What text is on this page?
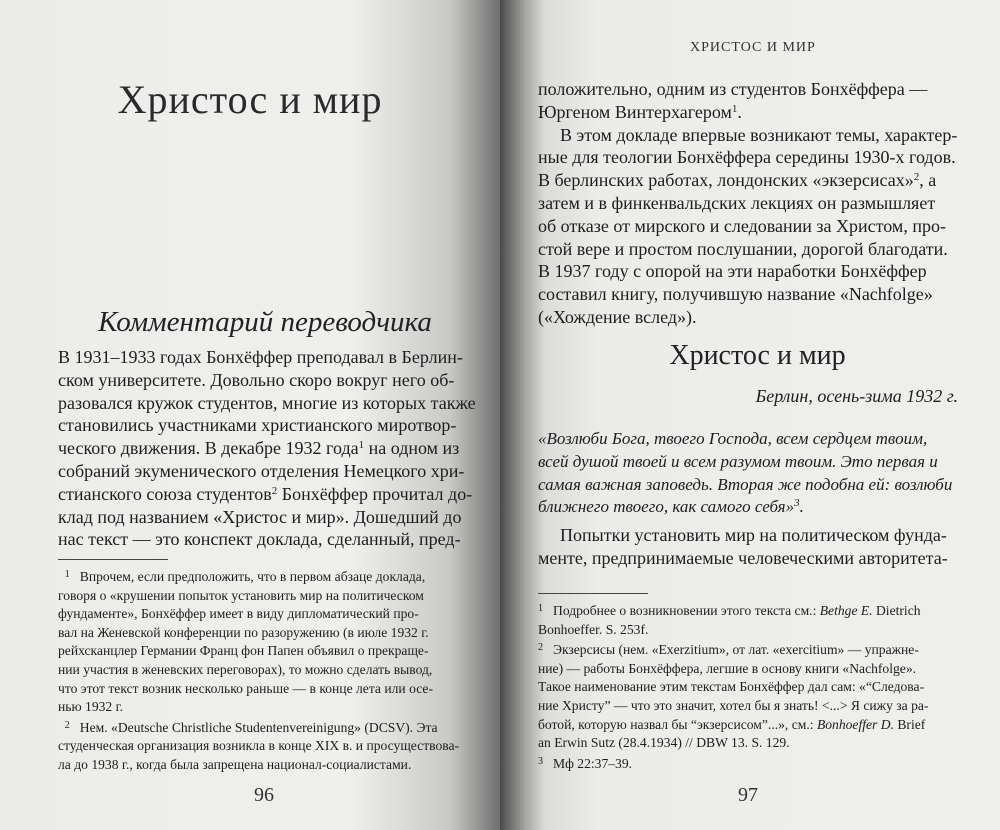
Христос и мир
Комментарий переводчика
В 1931–1933 годах Бонхёффер преподавал в Берлин-
ском университете. Довольно скоро вокруг него об-
разовался кружок студентов, многие из которых также
становились участниками христианского миротвор-
ческого движения. В декабре 1932 года$^1$ на одном из
собраний экуменического отделения Немецкого хри-
стианского союза студентов$^2$ Бонхёффер прочитал до-
клад под названием «Христос и мир». Дошедший до
нас текст — это конспект доклада, сделанный, пред-
$^1$ Впрочем, если предположить, что в первом абзаце доклада,
говоря о «крушении попыток установить мир на политическом
фундаменте», Бонхёффер имеет в виду дипломатический про-
вал на Женевской конференции по разоружению (в июле 1932 г.
рейхсканцлер Германии Франц фон Папен объявил о прекраще-
нии участия в женевских переговорах), то можно сделать вывод,
что этот текст возник несколько раньше — в конце лета или осе-
нью 1932 г.
$^2$ Нем. «Deutsche Christliche Studentenvereinigung» (DCSV). Эта
студенческая организация возникла в конце XIX в. и просуществова-
ла до 1938 г., когда была запрещена национал-социалистами.
96
ХРИСТОС И МИР
положительно, одним из студентов Бонхёффера —
Юргеном Винтерхагером$^1$.
В этом докладе впервые возникают темы, характер-
ные для теологии Бонхёффера середины 1930-х годов.
В берлинских работах, лондонских «экзерсисах»$^2$, а
затем и в финкенвальдских лекциях он размышляет
об отказе от мирского и следовании за Христом, про-
стой вере и простом послушании, дорогой благодати.
В 1937 году с опорой на эти наработки Бонхёффер
составил книгу, получившую название «Nachfolge»
(«Хождение вслед»).
Христос и мир
Берлин, осень-зима 1932 г.
«Возлюби Бога, твоего Господа, всем сердцем твоим,
всей душой твоей и всем разумом твоим. Это первая и
самая важная заповедь. Вторая же подобна ей: возлюби
ближнего твоего, как самого себя»$^3$.
Попытки установить мир на политическом фунда-
менте, предпринимаемые человеческими авторитета-
$^1$ Подробнее о возникновении этого текста см.: Bethge E. Dietrich
Bonhoeffer. S. 253f.
$^2$ Экзерсисы (нем. «Exerzitium», от лат. «exercitium» — упражне-
ние) — работы Бонхёффера, легшие в основу книги «Nachfolge».
Такое наименование этим текстам Бонхёффер дал сам: «“Следова-
ние Христу” — что это значит, хотел бы я знать! <...> Я сижу за ра-
ботой, которую назвал бы “экзерсисом”...», см.: Bonhoeffer D. Brief
an Erwin Sutz (28.4.1934) // DBW 13. S. 129.
$^3$ Мф 22:37–39.
97
